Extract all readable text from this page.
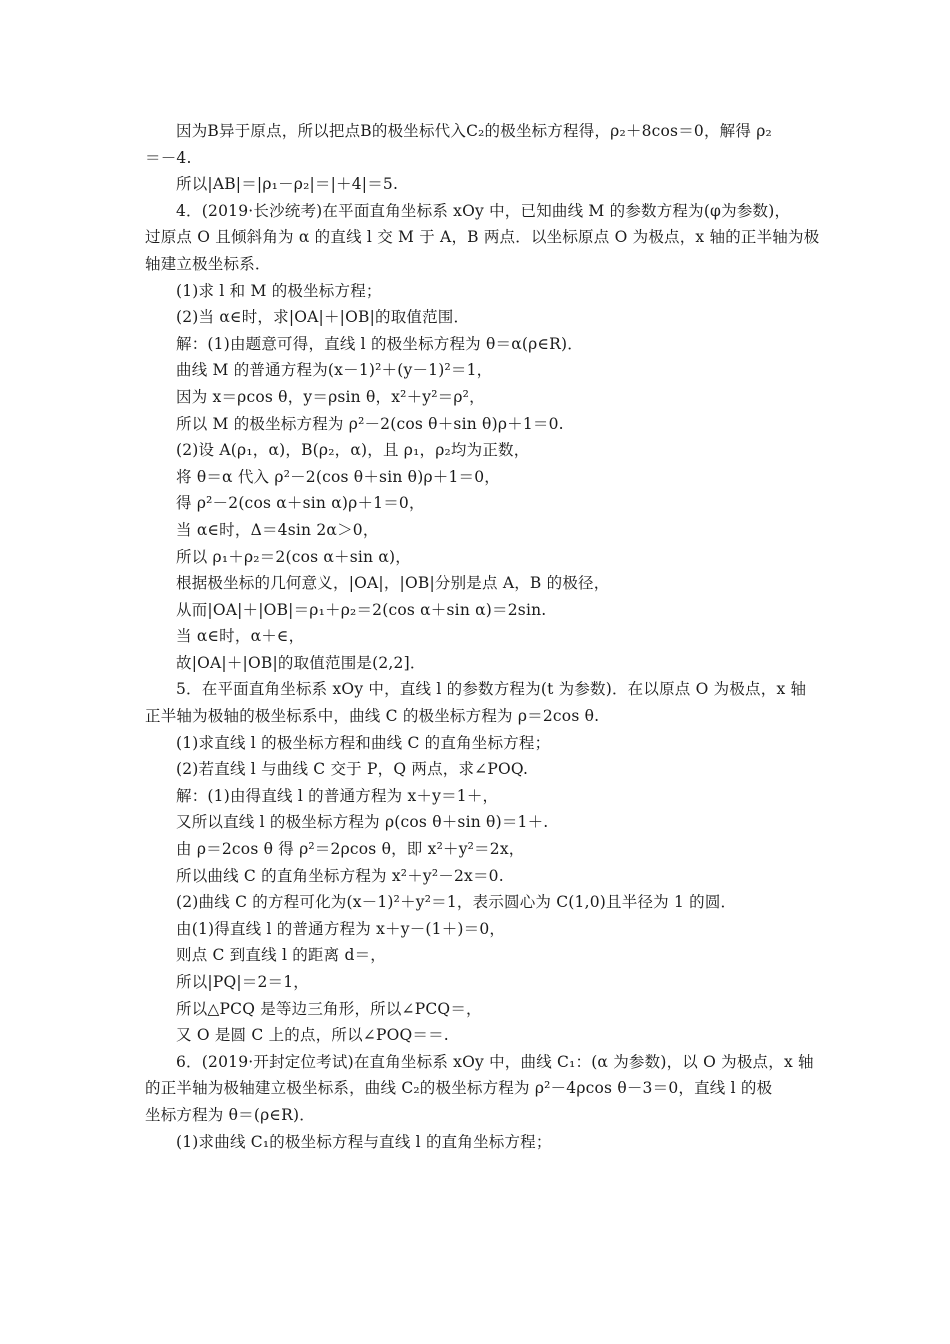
因为B异于原点，所以把点B的极坐标代入C₂的极坐标方程得，ρ₂＋8cos＝0，解得 ρ₂
＝－4.
所以|AB|＝|ρ₁－ρ₂|＝|＋4|＝5.
4．(2019·长沙统考)在平面直角坐标系 xOy 中，已知曲线 M 的参数方程为(φ为参数)，
过原点 O 且倾斜角为 α 的直线 l 交 M 于 A，B 两点．以坐标原点 O 为极点，x 轴的正半轴为极
轴建立极坐标系．
(1)求 l 和 M 的极坐标方程；
(2)当 α∈时，求|OA|＋|OB|的取值范围．
解：(1)由题意可得，直线 l 的极坐标方程为 θ＝α(ρ∈R)．
曲线 M 的普通方程为(x－1)²＋(y－1)²＝1，
因为 x＝ρcos θ，y＝ρsin θ，x²＋y²＝ρ²，
所以 M 的极坐标方程为 ρ²－2(cos θ＋sin θ)ρ＋1＝0.
(2)设 A(ρ₁，α)，B(ρ₂，α)，且 ρ₁，ρ₂均为正数，
将 θ＝α 代入 ρ²－2(cos θ＋sin θ)ρ＋1＝0，
得 ρ²－2(cos α＋sin α)ρ＋1＝0，
当 α∈时，Δ＝4sin 2α＞0，
所以 ρ₁＋ρ₂＝2(cos α＋sin α)，
根据极坐标的几何意义，|OA|，|OB|分别是点 A，B 的极径，
从而|OA|＋|OB|＝ρ₁＋ρ₂＝2(cos α＋sin α)＝2sin.
当 α∈时，α＋∈，
故|OA|＋|OB|的取值范围是(2,2]．
5．在平面直角坐标系 xOy 中，直线 l 的参数方程为(t 为参数)．在以原点 O 为极点，x 轴
正半轴为极轴的极坐标系中，曲线 C 的极坐标方程为 ρ＝2cos θ.
(1)求直线 l 的极坐标方程和曲线 C 的直角坐标方程；
(2)若直线 l 与曲线 C 交于 P，Q 两点，求∠POQ.
解：(1)由得直线 l 的普通方程为 x＋y＝1＋，
又所以直线 l 的极坐标方程为 ρ(cos θ＋sin θ)＝1＋.
由 ρ＝2cos θ 得 ρ²＝2ρcos θ，即 x²＋y²＝2x，
所以曲线 C 的直角坐标方程为 x²＋y²－2x＝0.
(2)曲线 C 的方程可化为(x－1)²＋y²＝1，表示圆心为 C(1,0)且半径为 1 的圆．
由(1)得直线 l 的普通方程为 x＋y－(1＋)＝0，
则点 C 到直线 l 的距离 d＝，
所以|PQ|＝2＝1，
所以△PCQ 是等边三角形，所以∠PCQ＝，
又 O 是圆 C 上的点，所以∠POQ＝＝.
6．(2019·开封定位考试)在直角坐标系 xOy 中，曲线 C₁：(α 为参数)，以 O 为极点，x 轴
的正半轴为极轴建立极坐标系，曲线 C₂的极坐标方程为 ρ²－4ρcos θ－3＝0，直线 l 的极
坐标方程为 θ＝(ρ∈R)．
(1)求曲线 C₁的极坐标方程与直线 l 的直角坐标方程；
